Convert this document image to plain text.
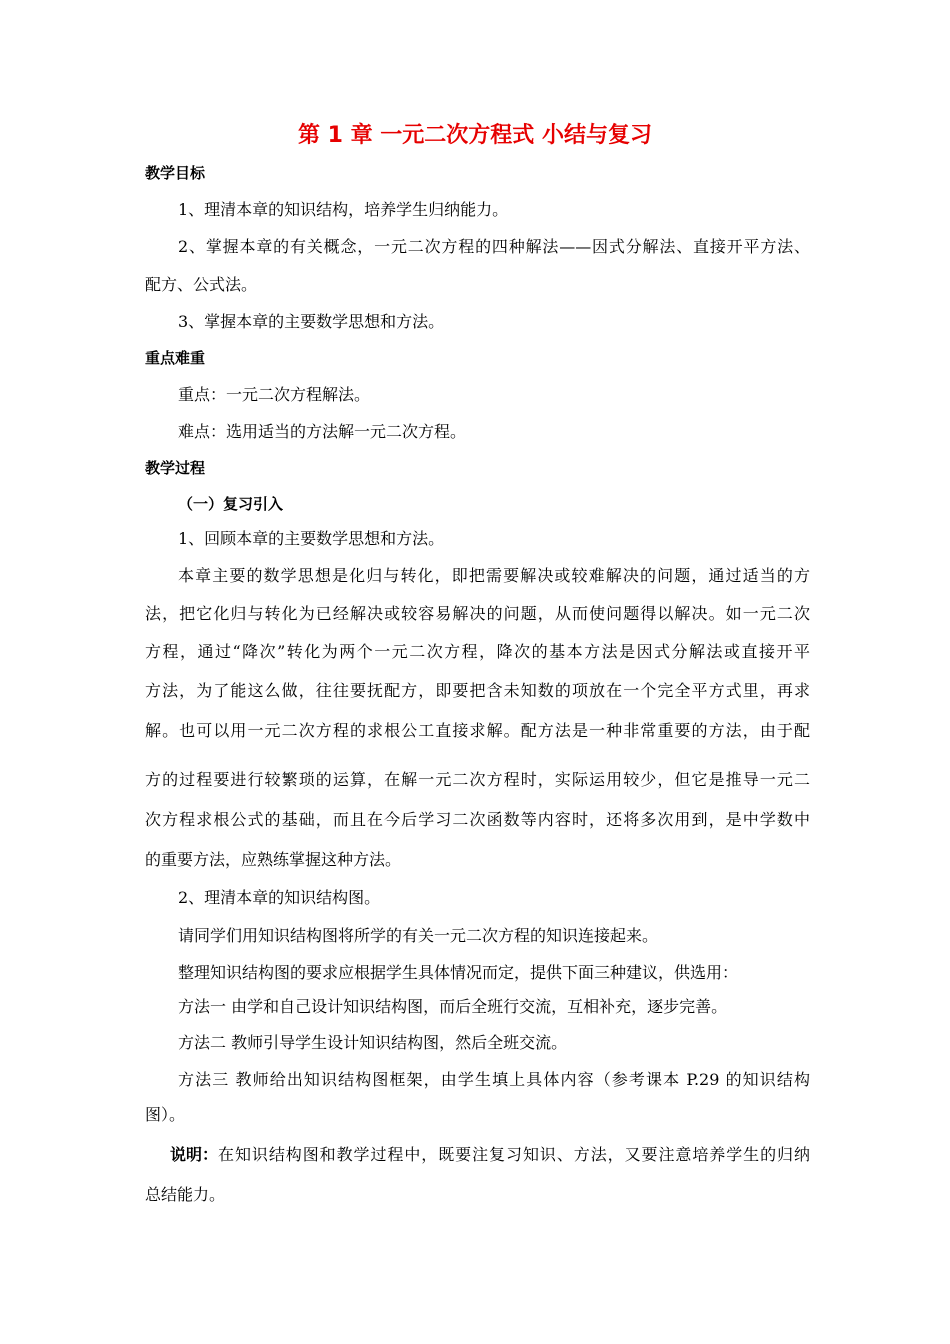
第 1 章 一元二次方程式 小结与复习
教学目标
1、理清本章的知识结构，培养学生归纳能力。
2、掌握本章的有关概念，一元二次方程的四种解法——因式分解法、直接开平方法、
配方、公式法。
3、掌握本章的主要数学思想和方法。
重点难重
重点：一元二次方程解法。
难点：选用适当的方法解一元二次方程。
教学过程
（一）复习引入
1、回顾本章的主要数学思想和方法。
本章主要的数学思想是化归与转化，即把需要解决或较难解决的问题，通过适当的方
法，把它化归与转化为已经解决或较容易解决的问题，从而使问题得以解决。如一元二次
方程，通过“降次”转化为两个一元二次方程，降次的基本方法是因式分解法或直接开平
方法，为了能这么做，往往要抚配方，即要把含未知数的项放在一个完全平方式里，再求
解。也可以用一元二次方程的求根公工直接求解。配方法是一种非常重要的方法，由于配
方的过程要进行较繁琐的运算，在解一元二次方程时，实际运用较少，但它是推导一元二
次方程求根公式的基础，而且在今后学习二次函数等内容时，还将多次用到，是中学数中
的重要方法，应熟练掌握这种方法。
2、理清本章的知识结构图。
请同学们用知识结构图将所学的有关一元二次方程的知识连接起来。
整理知识结构图的要求应根据学生具体情况而定，提供下面三种建议，供选用：
方法一 由学和自己设计知识结构图，而后全班行交流，互相补充，逐步完善。
方法二 教师引导学生设计知识结构图，然后全班交流。
方法三 教师给出知识结构图框架，由学生填上具体内容（参考课本 P.29 的知识结构
图）。
说明： 在知识结构图和教学过程中，既要注复习知识、方法，又要注意培养学生的归纳
总结能力。
